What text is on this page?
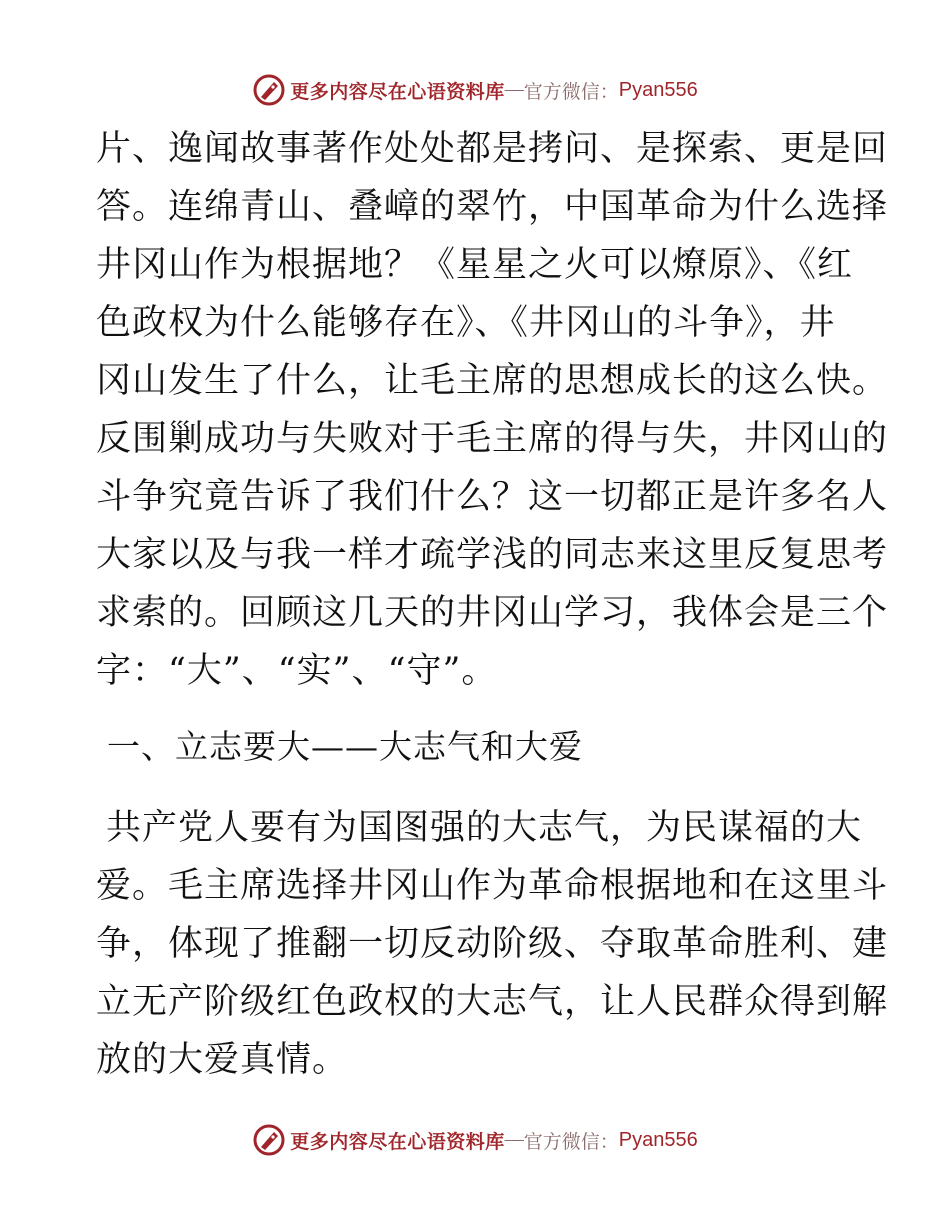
更多内容尽在心语资料库 — 官方微信： Pyan556
片、逸闻故事著作处处都是拷问、是探索、更是回
答。连绵青山、叠嶂的翠竹，中国革命为什么选择
井冈山作为根据地？《星星之火可以燎原》、《红
色政权为什么能够存在》、《井冈山的斗争》，井
冈山发生了什么，让毛主席的思想成长的这么快。
反围剿成功与失败对于毛主席的得与失，井冈山的
斗争究竟告诉了我们什么？这一切都正是许多名人
大家以及与我一样才疏学浅的同志来这里反复思考
求索的。回顾这几天的井冈山学习，我体会是三个
字：“大”、“实”、“守”。
一、立志要大——大志气和大爱
共产党人要有为国图强的大志气，为民谋福的大
爱。毛主席选择井冈山作为革命根据地和在这里斗
争，体现了推翻一切反动阶级、夺取革命胜利、建
立无产阶级红色政权的大志气，让人民群众得到解
放的大爱真情。
更多内容尽在心语资料库 — 官方微信： Pyan556
